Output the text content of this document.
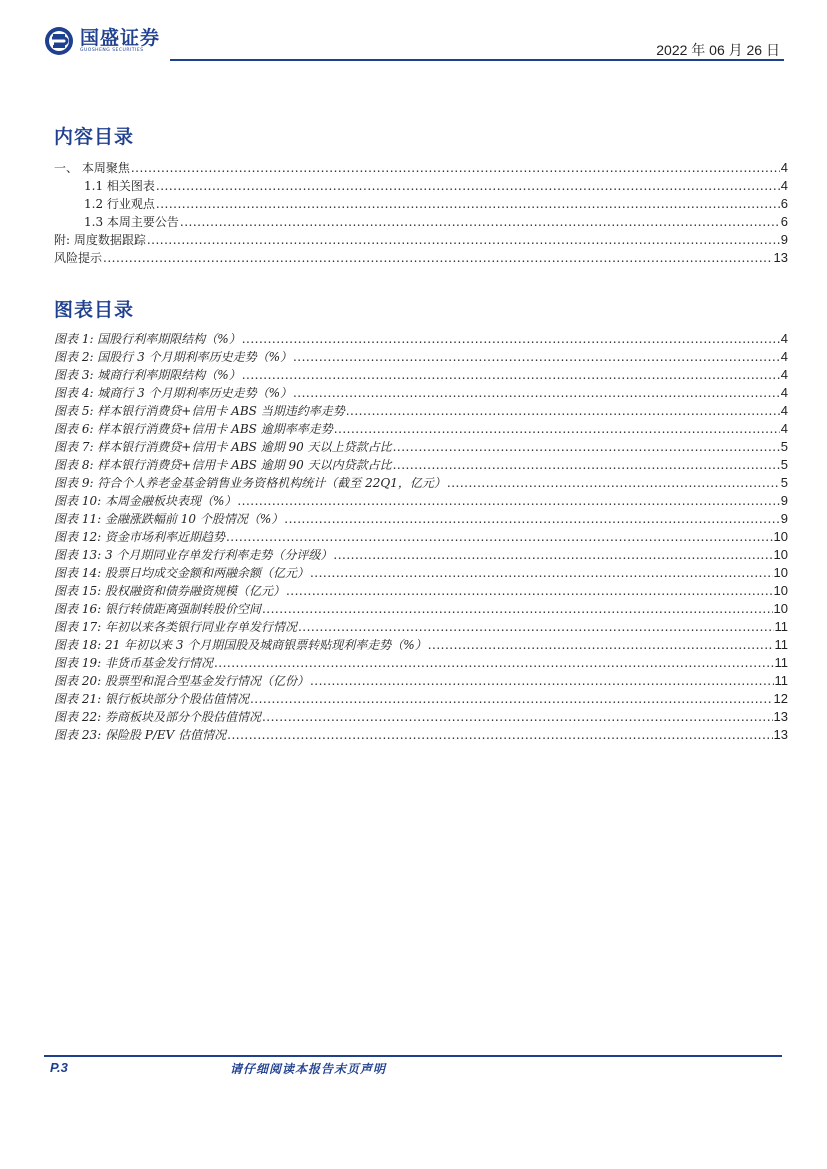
国盛证券
GUOSHENG SECURITIES	2022 年 06 月 26 日
内容目录
一、 本周聚焦 .....	4
1.1 相关图表 .....	4
1.2 行业观点 .....	6
1.3 本周主要公告 .....	6
附: 周度数据跟踪 .....	9
风险提示 .....	13
图表目录
图表 1: 国股行利率期限结构（%） .....	4
图表 2: 国股行 3 个月期利率历史走势（%） .....	4
图表 3: 城商行利率期限结构（%） .....	4
图表 4: 城商行 3 个月期利率历史走势（%） .....	4
图表 5: 样本银行消费贷+信用卡 ABS 当期违约率走势 .....	4
图表 6: 样本银行消费贷+信用卡 ABS 逾期率率走势 .....	4
图表 7: 样本银行消费贷+信用卡 ABS 逾期 90 天以上贷款占比 .....	5
图表 8: 样本银行消费贷+信用卡 ABS 逾期 90 天以内贷款占比 .....	5
图表 9: 符合个人养老金基金销售业务资格机构统计（截至 22Q1，亿元） .....	5
图表 10: 本周金融板块表现（%） .....	9
图表 11: 金融涨跌幅前 10 个股情况（%） .....	9
图表 12: 资金市场利率近期趋势 .....	10
图表 13: 3 个月期同业存单发行利率走势（分评级） .....	10
图表 14: 股票日均成交金额和两融余额（亿元） .....	10
图表 15: 股权融资和债券融资规模（亿元） .....	10
图表 16: 银行转债距离强制转股价空间 .....	10
图表 17: 年初以来各类银行同业存单发行情况 .....	11
图表 18: 21 年初以来 3 个月期国股及城商银票转贴现利率走势（%） .....	11
图表 19: 非货币基金发行情况 .....	11
图表 20: 股票型和混合型基金发行情况（亿份） .....	11
图表 21: 银行板块部分个股估值情况 .....	12
图表 22: 券商板块及部分个股估值情况 .....	13
图表 23: 保险股 P/EV 估值情况 .....	13
P.3	请仔细阅读本报告末页声明
